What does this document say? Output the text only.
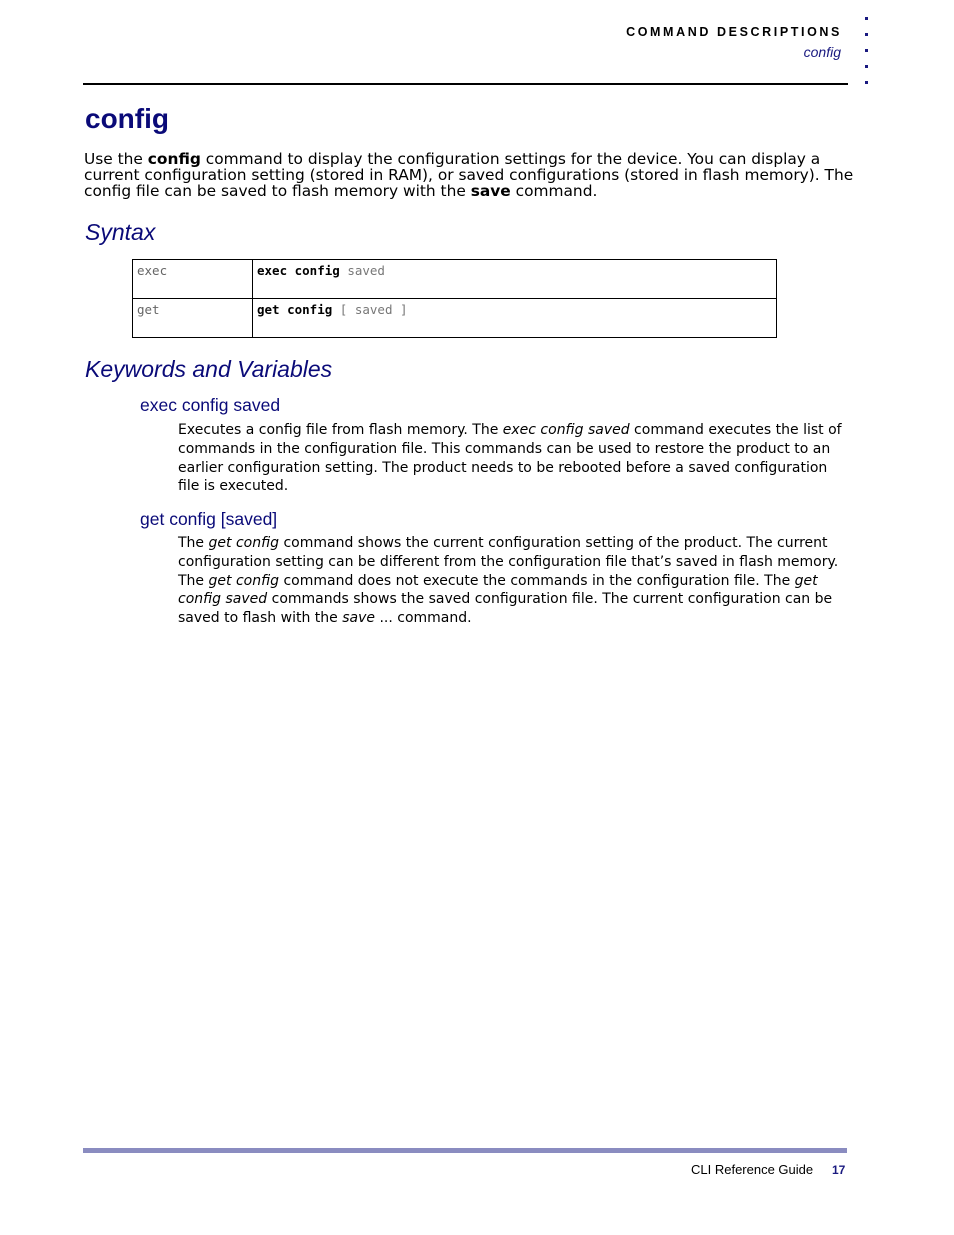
COMMAND DESCRIPTIONS
config
config

Use the config command to display the configuration settings for the device. You can display a current configuration setting (stored in RAM), or saved configurations (stored in flash memory). The config file can be saved to flash memory with the save command.

Syntax
exec	exec config saved
get	get config [ saved ]
Keywords and Variables
exec config saved

Executes a config file from flash memory. The exec config saved command executes the list of commands in the configuration file. This commands can be used to restore the product to an earlier configuration setting. The product needs to be rebooted before a saved configuration file is executed.

get config [saved]

The get config command shows the current configuration setting of the product. The current configuration setting can be different from the configuration file that’s saved in flash memory. The get config command does not execute the commands in the configuration file. The get config saved commands shows the saved configuration file. The current configuration can be saved to flash with the save ... command.

CLI Reference Guide 17
